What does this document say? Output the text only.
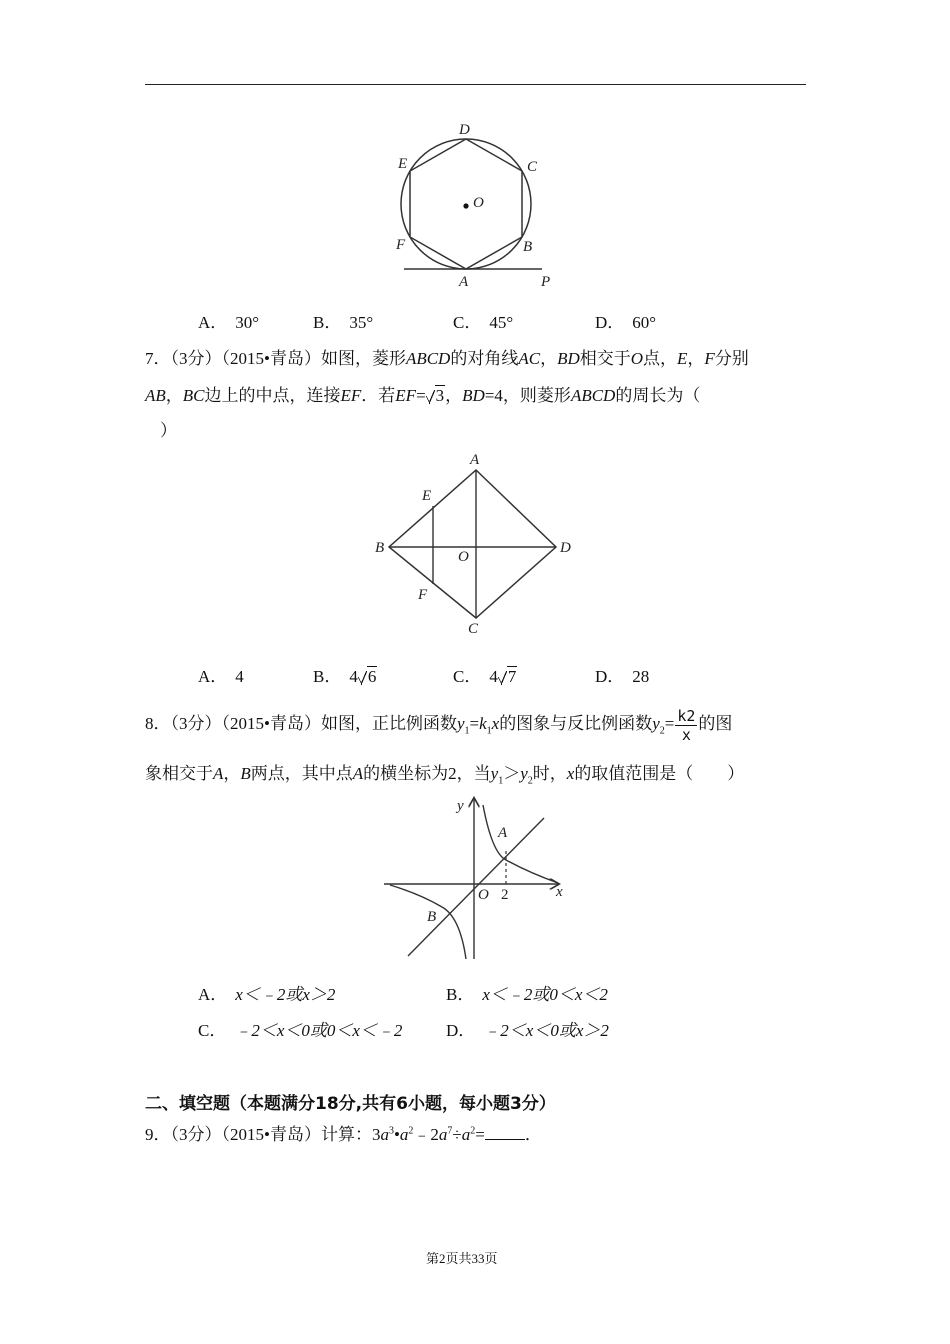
D
E	C
O
F	B
A	P
A． 30°	B． 35°	C． 45°	D． 60°
7．（3分）（2015•青岛）如图，菱形ABCD的对角线AC，BD相交于O点，E，F分别
AB，BC边上的中点，连接EF．若EF= 3，BD=4，则菱形ABCD的周长为（
）
A
E
B
O
D
F
C
A． 4	B． 4 6	C． 4 7	D． 28
8．（3分）（2015•青岛）如图，正比例函数$y_1=k_1x$的图象与反比例函数$y_2= \frac{k2}{x}$ 的图
象相交于A，B两点，其中点A的横坐标为2，当$y_1>y_2$时，x的取值范围是（　　）
y
A
O 2	x
B
A． x＜﹣2或x＞2	B． x＜﹣2或0＜x＜2
C． ﹣2＜x＜0或0＜x＜﹣2	D． ﹣2＜x＜0或x＞2
二、填空题（本题满分18分,共有6小题，每小题3分）
9．（3分）（2015•青岛）计算：$3a^3•a^2﹣2a^7\div a^2=$ ．
第2页共33页
